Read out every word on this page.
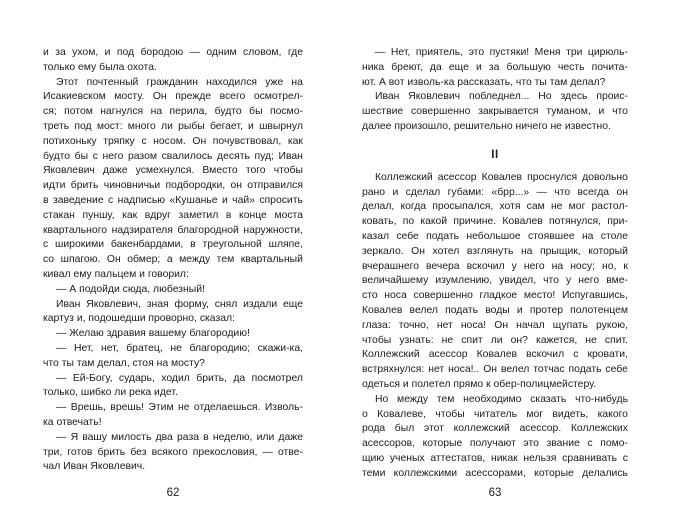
и за ухом, и под бородою — одним словом, где
только ему была охота.
Этот почтенный гражданин находился уже на
Исакиевском мосту. Он прежде всего осмотрел-
ся; потом нагнулся на перила, будто бы посмо-
треть под мост: много ли рыбы бегает, и швырнул
потихоньку тряпку с носом. Он почувствовал, как
будто бы с него разом свалилось десять пуд; Иван
Яковлевич даже усмехнулся. Вместо того чтобы
идти брить чиновничьи подбородки, он отправился
в заведение с надписью «Кушанье и чай» спросить
стакан пуншу, как вдруг заметил в конце моста
квартального надзирателя благородной наружности,
с широкими бакенбардами, в треугольной шляпе,
со шпагою. Он обмер; а между тем квартальный
кивал ему пальцем и говорил:
— А подойди сюда, любезный!
Иван Яковлевич, зная форму, снял издали еще
картуз и, подошедши проворно, сказал:
— Желаю здравия вашему благородию!
— Нет, нет, братец, не благородию; скажи-ка,
что ты там делал, стоя на мосту?
— Ей-Богу, сударь, ходил брить, да посмотрел
только, шибко ли река идет.
— Врешь, врешь! Этим не отделаешься. Изволь-
ка отвечать!
— Я вашу милость два раза в неделю, или даже
три, готов брить без всякого прекословия, — отве-
чал Иван Яковлевич.
62
— Нет, приятель, это пустяки! Меня три цирюль-
ника бреют, да еще и за большую честь почита-
ют. А вот изволь-ка рассказать, что ты там делал?
Иван Яковлевич побледнел... Но здесь проис-
шествие совершенно закрывается туманом, и что
далее произошло, решительно ничего не известно.
II
Коллежский асессор Ковалев проснулся довольно
рано и сделал губами: «брр...» — что всегда он
делал, когда просыпался, хотя сам не мог растол-
ковать, по какой причине. Ковалев потянулся, при-
казал себе подать небольшое стоявшее на столе
зеркало. Он хотел взглянуть на прыщик, который
вчерашнего вечера вскочил у него на носу; но, к
величайшему изумлению, увидел, что у него вме-
сто носа совершенно гладкое место! Испугавшись,
Ковалев велел подать воды и протер полотенцем
глаза: точно, нет носа! Он начал щупать рукою,
чтобы узнать: не спит ли он? кажется, не спит.
Коллежский асессор Ковалев вскочил с кровати,
встряхнулся: нет носа!.. Он велел тотчас подать себе
одеться и полетел прямо к обер-полицмейстеру.
Но между тем необходимо сказать что-нибудь
о Ковалеве, чтобы читатель мог видеть, какого
рода был этот коллежский асессор. Коллежских
асессоров, которые получают это звание с помо-
щию ученых аттестатов, никак нельзя сравнивать с
теми коллежскими асессорами, которые делались
63
